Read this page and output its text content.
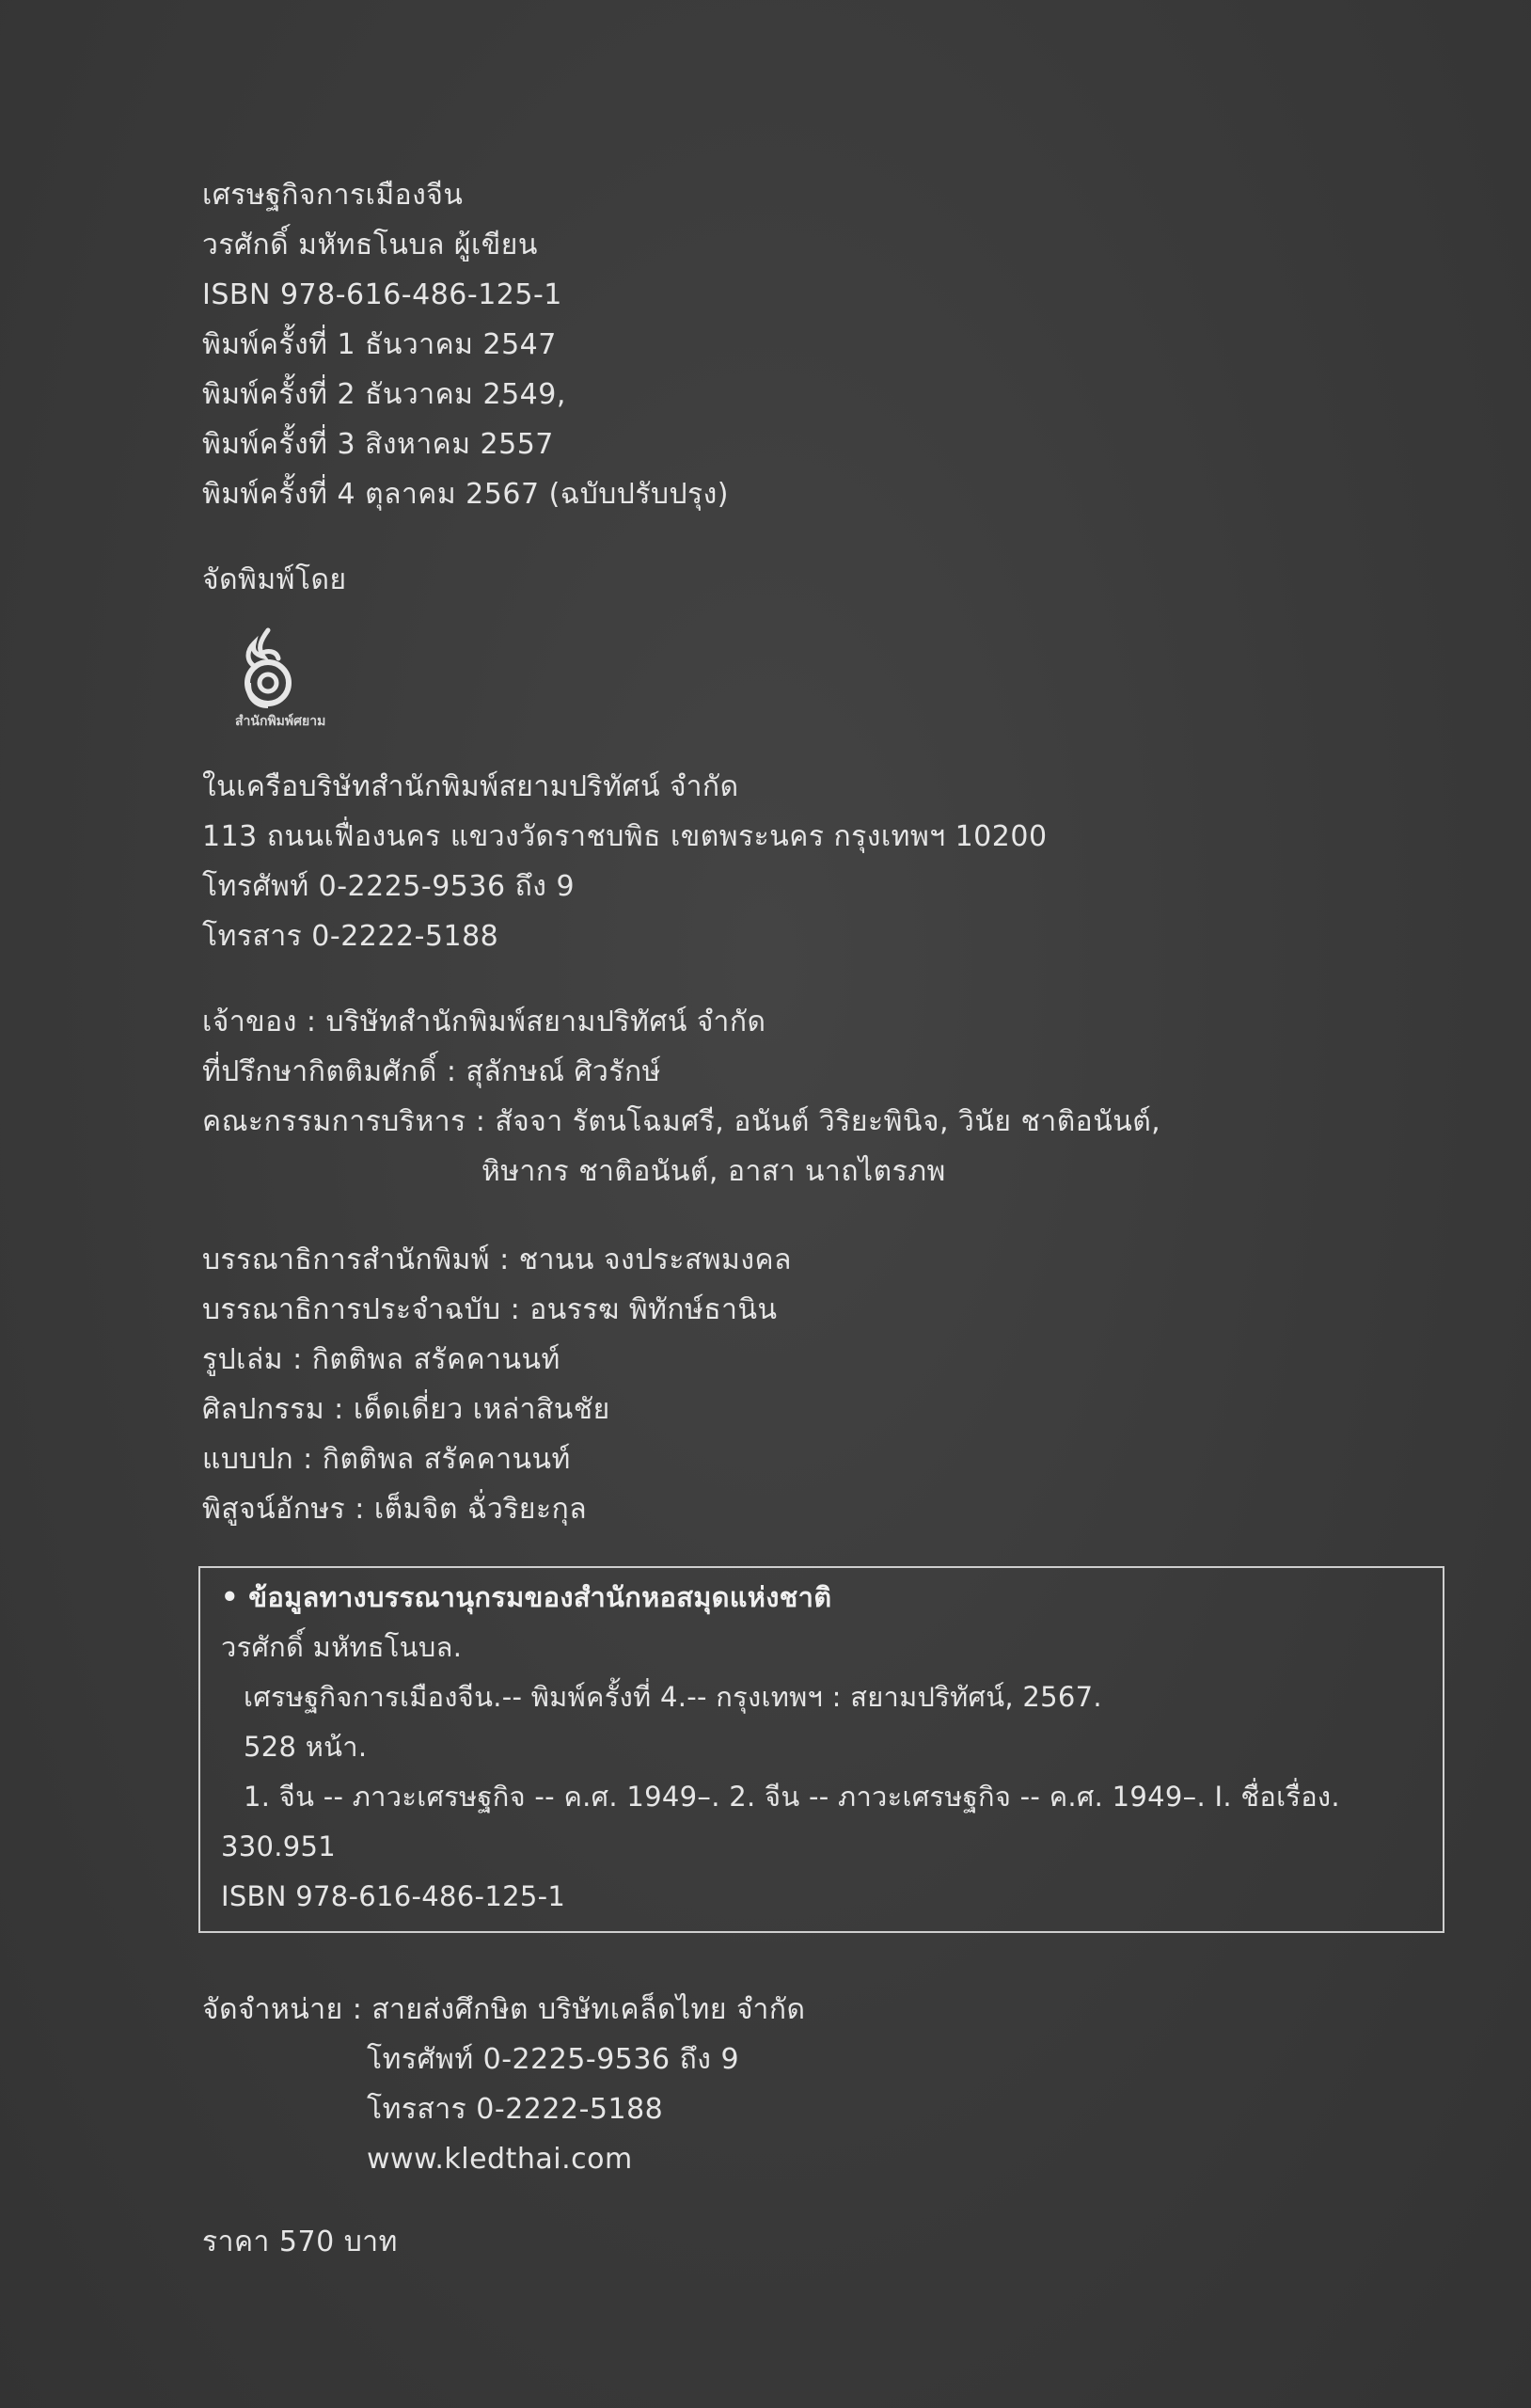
เศรษฐกิจการเมืองจีน
วรศักดิ์ มหัทธโนบล ผู้เขียน
ISBN 978-616-486-125-1
พิมพ์ครั้งที่ 1 ธันวาคม 2547
พิมพ์ครั้งที่ 2 ธันวาคม 2549,
พิมพ์ครั้งที่ 3 สิงหาคม 2557
พิมพ์ครั้งที่ 4 ตุลาคม 2567 (ฉบับปรับปรุง)
จัดพิมพ์โดย
สำนักพิมพ์ศยาม
ในเครือบริษัทสำนักพิมพ์สยามปริทัศน์ จำกัด
113 ถนนเฟื่องนคร แขวงวัดราชบพิธ เขตพระนคร กรุงเทพฯ 10200
โทรศัพท์ 0-2225-9536 ถึง 9
โทรสาร 0-2222-5188
เจ้าของ : บริษัทสำนักพิมพ์สยามปริทัศน์ จำกัด
ที่ปรึกษากิตติมศักดิ์ : สุลักษณ์ ศิวรักษ์
คณะกรรมการบริหาร : สัจจา รัตนโฉมศรี, อนันต์ วิริยะพินิจ, วินัย ชาติอนันต์,
หิษากร ชาติอนันต์, อาสา นาถไตรภพ
บรรณาธิการสำนักพิมพ์ : ชานน จงประสพมงคล
บรรณาธิการประจำฉบับ : อนรรฆ พิทักษ์ธานิน
รูปเล่ม : กิตติพล สรัคคานนท์
ศิลปกรรม : เด็ดเดี่ยว เหล่าสินชัย
แบบปก : กิตติพล สรัคคานนท์
พิสูจน์อักษร : เต็มจิต ฉั่วริยะกุล
• ข้อมูลทางบรรณานุกรมของสำนักหอสมุดแห่งชาติ
วรศักดิ์ มหัทธโนบล.
เศรษฐกิจการเมืองจีน.-- พิมพ์ครั้งที่ 4.-- กรุงเทพฯ : สยามปริทัศน์, 2567.
528 หน้า.
1. จีน -- ภาวะเศรษฐกิจ -- ค.ศ. 1949–. 2. จีน -- ภาวะเศรษฐกิจ -- ค.ศ. 1949–. I. ชื่อเรื่อง.
330.951
ISBN 978-616-486-125-1
จัดจำหน่าย : สายส่งศึกษิต บริษัทเคล็ดไทย จำกัด
โทรศัพท์ 0-2225-9536 ถึง 9
โทรสาร 0-2222-5188
www.kledthai.com
ราคา 570 บาท
